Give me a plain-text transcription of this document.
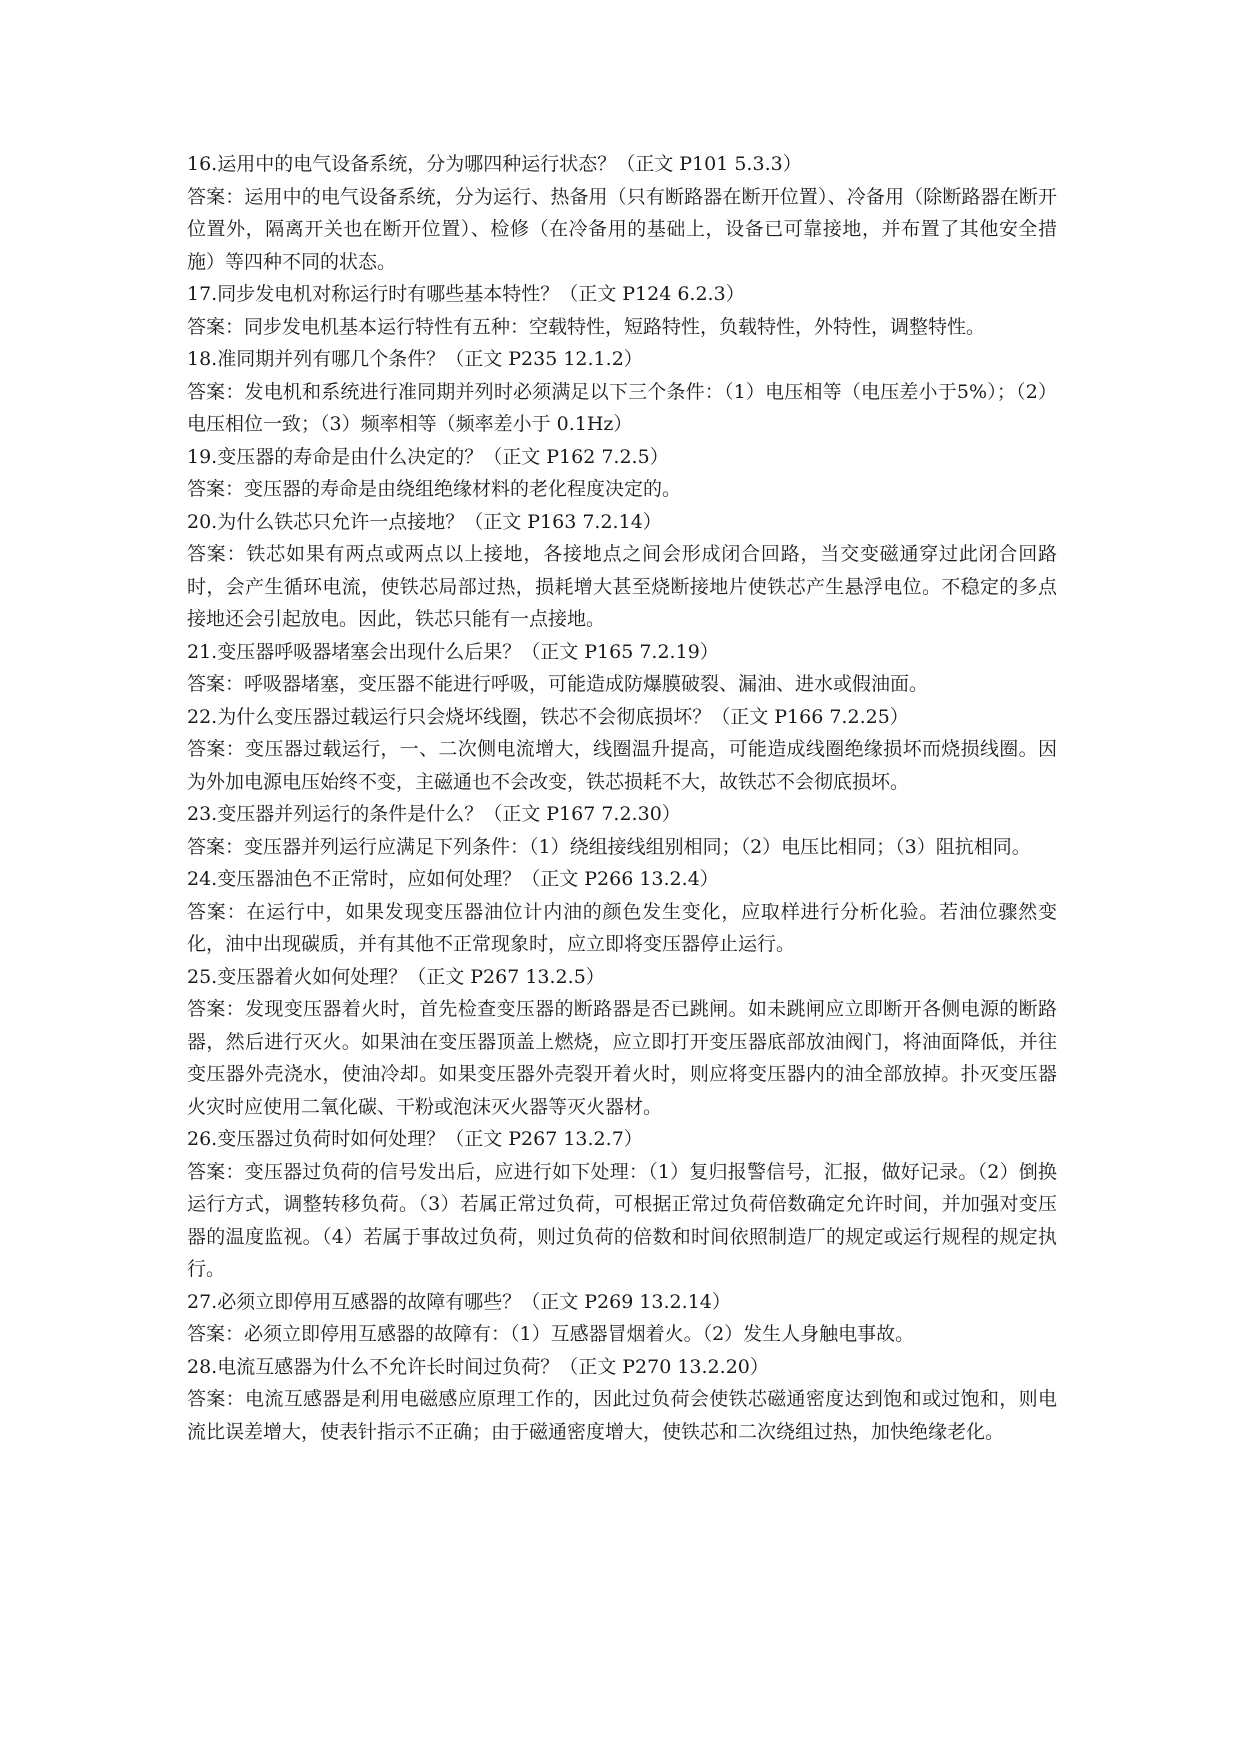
16.运用中的电气设备系统，分为哪四种运行状态？（正文 P101 5.3.3）

答案：运用中的电气设备系统，分为运行、热备用（只有断路器在断开位置）、冷备用（除断路器在断开位置外，隔离开关也在断开位置）、检修（在冷备用的基础上，设备已可靠接地，并布置了其他安全措施）等四种不同的状态。

17.同步发电机对称运行时有哪些基本特性？（正文 P124 6.2.3）

答案：同步发电机基本运行特性有五种：空载特性，短路特性，负载特性，外特性，调整特性。

18.准同期并列有哪几个条件？（正文 P235 12.1.2）

答案：发电机和系统进行准同期并列时必须满足以下三个条件：（1）电压相等（电压差小于5%）；（2）电压相位一致；（3）频率相等（频率差小于 0.1Hz）

19.变压器的寿命是由什么决定的？（正文 P162 7.2.5）

答案：变压器的寿命是由绕组绝缘材料的老化程度决定的。

20.为什么铁芯只允许一点接地？（正文 P163 7.2.14）

答案：铁芯如果有两点或两点以上接地，各接地点之间会形成闭合回路，当交变磁通穿过此闭合回路时，会产生循环电流，使铁芯局部过热，损耗增大甚至烧断接地片使铁芯产生悬浮电位。不稳定的多点接地还会引起放电。因此，铁芯只能有一点接地。

21.变压器呼吸器堵塞会出现什么后果？（正文 P165 7.2.19）

答案：呼吸器堵塞，变压器不能进行呼吸，可能造成防爆膜破裂、漏油、进水或假油面。

22.为什么变压器过载运行只会烧坏线圈，铁芯不会彻底损坏？（正文 P166 7.2.25）

答案：变压器过载运行，一、二次侧电流增大，线圈温升提高，可能造成线圈绝缘损坏而烧损线圈。因为外加电源电压始终不变，主磁通也不会改变，铁芯损耗不大，故铁芯不会彻底损坏。

23.变压器并列运行的条件是什么？（正文 P167 7.2.30）

答案：变压器并列运行应满足下列条件：（1）绕组接线组别相同；（2）电压比相同；（3）阻抗相同。

24.变压器油色不正常时，应如何处理？（正文 P266 13.2.4）

答案：在运行中，如果发现变压器油位计内油的颜色发生变化，应取样进行分析化验。若油位骤然变化，油中出现碳质，并有其他不正常现象时，应立即将变压器停止运行。

25.变压器着火如何处理？（正文 P267 13.2.5）

答案：发现变压器着火时，首先检查变压器的断路器是否已跳闸。如未跳闸应立即断开各侧电源的断路器，然后进行灭火。如果油在变压器顶盖上燃烧，应立即打开变压器底部放油阀门，将油面降低，并往变压器外壳浇水，使油冷却。如果变压器外壳裂开着火时，则应将变压器内的油全部放掉。扑灭变压器火灾时应使用二氧化碳、干粉或泡沫灭火器等灭火器材。

26.变压器过负荷时如何处理？（正文 P267 13.2.7）

答案：变压器过负荷的信号发出后，应进行如下处理：（1）复归报警信号，汇报，做好记录。（2）倒换运行方式，调整转移负荷。（3）若属正常过负荷，可根据正常过负荷倍数确定允许时间，并加强对变压器的温度监视。（4）若属于事故过负荷，则过负荷的倍数和时间依照制造厂的规定或运行规程的规定执行。

27.必须立即停用互感器的故障有哪些？（正文 P269 13.2.14）

答案：必须立即停用互感器的故障有：（1）互感器冒烟着火。（2）发生人身触电事故。

28.电流互感器为什么不允许长时间过负荷？（正文 P270 13.2.20）

答案：电流互感器是利用电磁感应原理工作的，因此过负荷会使铁芯磁通密度达到饱和或过饱和，则电流比误差增大，使表针指示不正确；由于磁通密度增大，使铁芯和二次绕组过热，加快绝缘老化。
